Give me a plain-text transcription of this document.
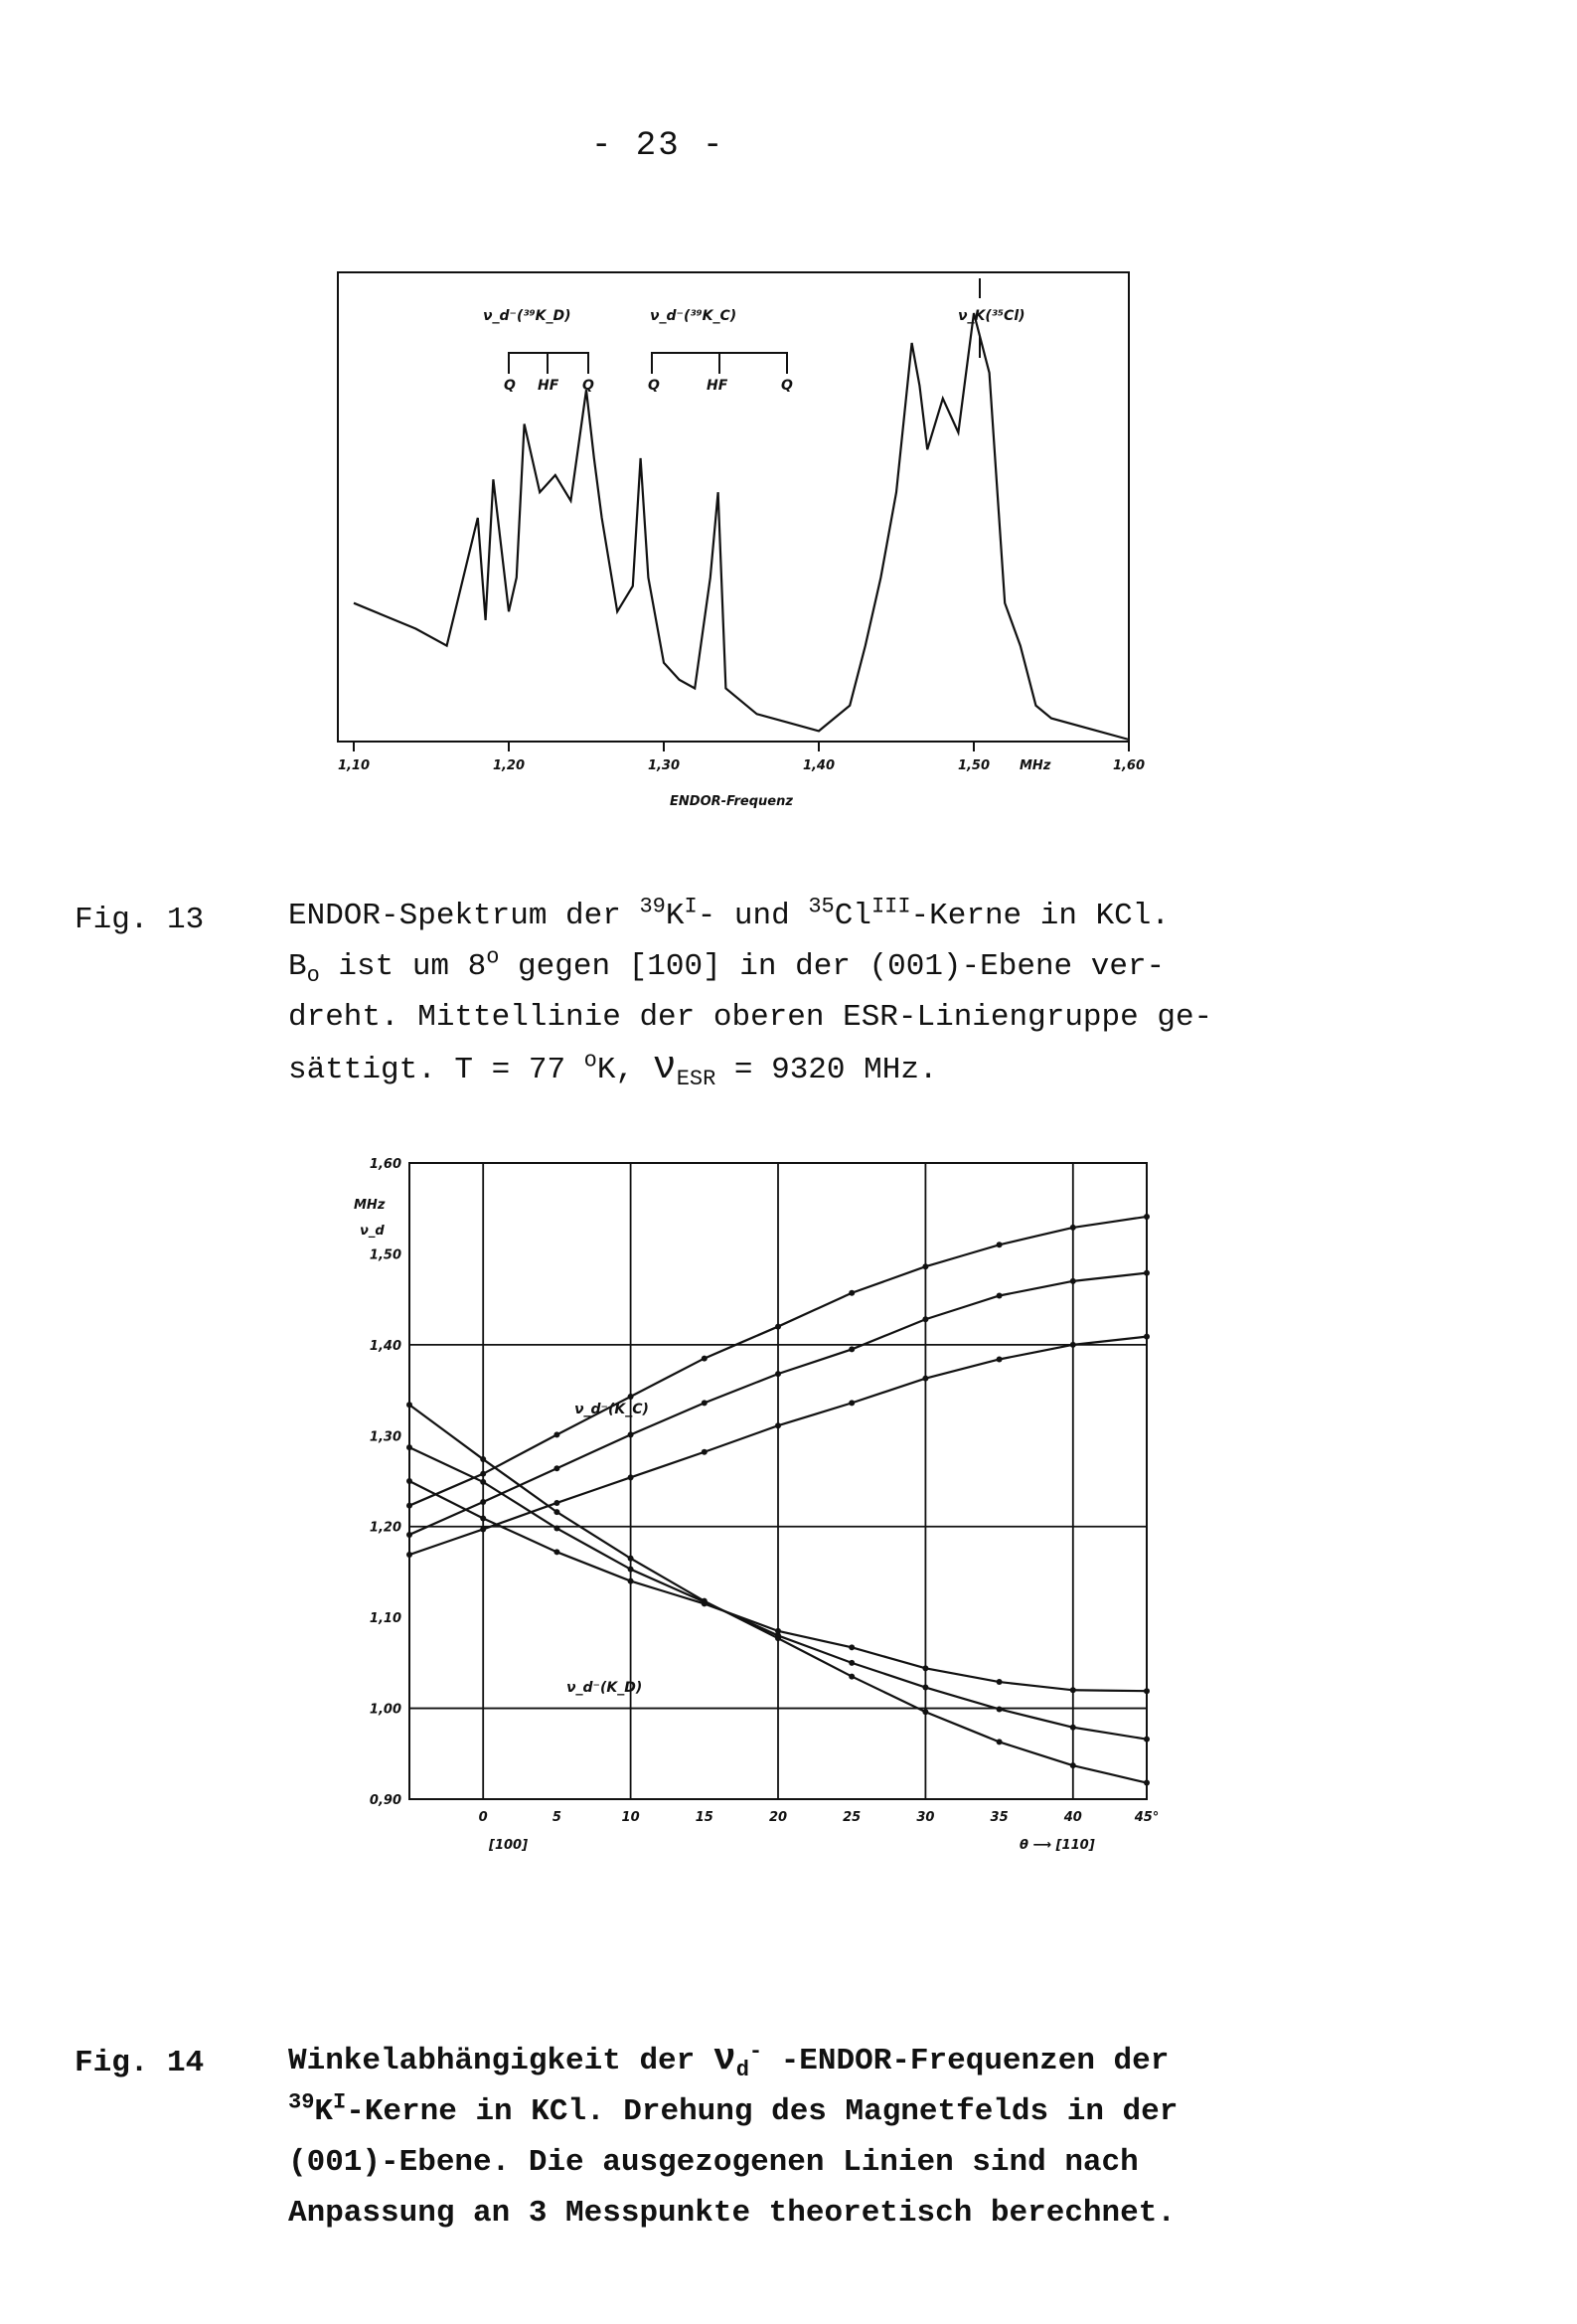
- 23 -
ν_d⁻(³⁹K_D)	ν_d⁻(³⁹K_C)	ν_K(³⁵Cl)
Q HF Q	Q	HF	Q
1,10	1,20	1,30	1,40	1,50	1,60
MHz
ENDOR-Frequenz
Fig. 13	ENDOR-Spektrum der $^{39}K^I-$ und $^{35}Cl^{III}$-Kerne in KCl.
$B_o$ ist um 8$^o$ gegen [100] in der (001)-Ebene ver-
dreht. Mittellinie der oberen ESR-Liniengruppe ge-
sättigt. T = 77 $^o$K, $\nu_{ESR} = 9320$ MHz.
1,60
1,50
1,40
1,30
1,20
1,10
1,00
0,90
0	5	10	15	20	25	30	35	40	45°
MHz
ν_d
ν_d⁻(K_C)
ν_d⁻(K_D)
[100]	θ ⟶ [110]
Fig. 14	Winkelabhängigkeit der $\nu_d^-$ -ENDOR-Frequenzen der
$^{39}K^I$-Kerne in KCl. Drehung des Magnetfelds in der
(001)-Ebene. Die ausgezogenen Linien sind nach
Anpassung an 3 Messpunkte theoretisch berechnet.
